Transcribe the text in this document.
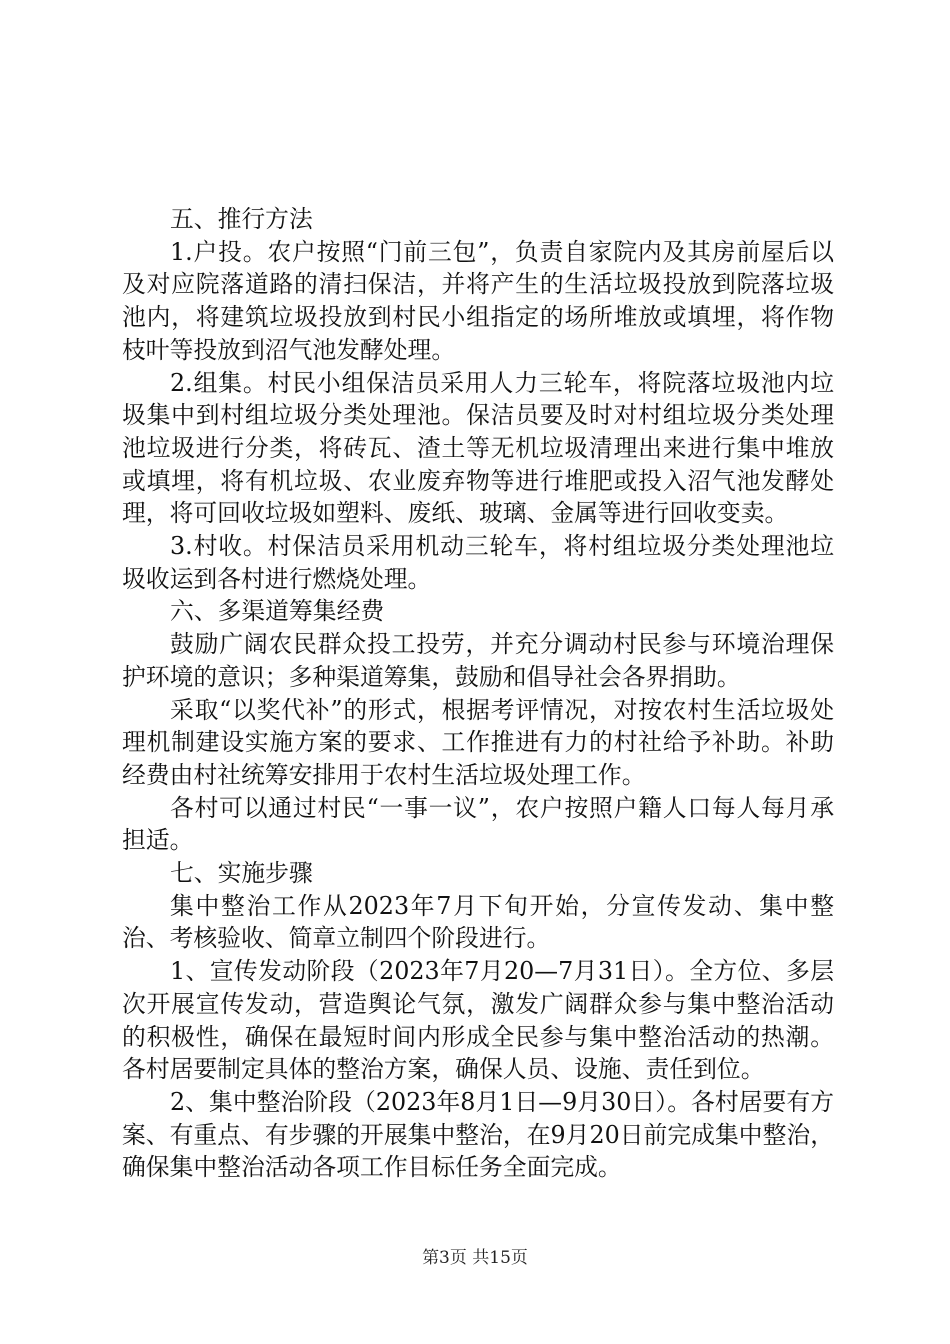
五、推行方法

1.户投。农户按照“门前三包”，负责自家院内及其房前屋后以及对应院落道路的清扫保洁，并将产生的生活垃圾投放到院落垃圾池内，将建筑垃圾投放到村民小组指定的场所堆放或填埋，将作物枝叶等投放到沼气池发酵处理。

2.组集。村民小组保洁员采用人力三轮车，将院落垃圾池内垃圾集中到村组垃圾分类处理池。保洁员要及时对村组垃圾分类处理池垃圾进行分类，将砖瓦、渣土等无机垃圾清理出来进行集中堆放或填埋，将有机垃圾、农业废弃物等进行堆肥或投入沼气池发酵处理，将可回收垃圾如塑料、废纸、玻璃、金属等进行回收变卖。

3.村收。村保洁员采用机动三轮车，将村组垃圾分类处理池垃圾收运到各村进行燃烧处理。

六、多渠道筹集经费

鼓励广阔农民群众投工投劳，并充分调动村民参与环境治理保护环境的意识；多种渠道筹集，鼓励和倡导社会各界捐助。

采取“以奖代补”的形式，根据考评情况，对按农村生活垃圾处理机制建设实施方案的要求、工作推进有力的村社给予补助。补助经费由村社统筹安排用于农村生活垃圾处理工作。

各村可以通过村民“一事一议”，农户按照户籍人口每人每月承担适。

七、实施步骤

集中整治工作从2023年7月下旬开始，分宣传发动、集中整治、考核验收、简章立制四个阶段进行。

1、宣传发动阶段（2023年7月20—7月31日）。全方位、多层次开展宣传发动，营造舆论气氛，激发广阔群众参与集中整治活动的积极性，确保在最短时间内形成全民参与集中整治活动的热潮。各村居要制定具体的整治方案，确保人员、设施、责任到位。

2、集中整治阶段（2023年8月1日—9月30日）。各村居要有方案、有重点、有步骤的开展集中整治，在9月20日前完成集中整治，确保集中整治活动各项工作目标任务全面完成。

第3页 共15页
